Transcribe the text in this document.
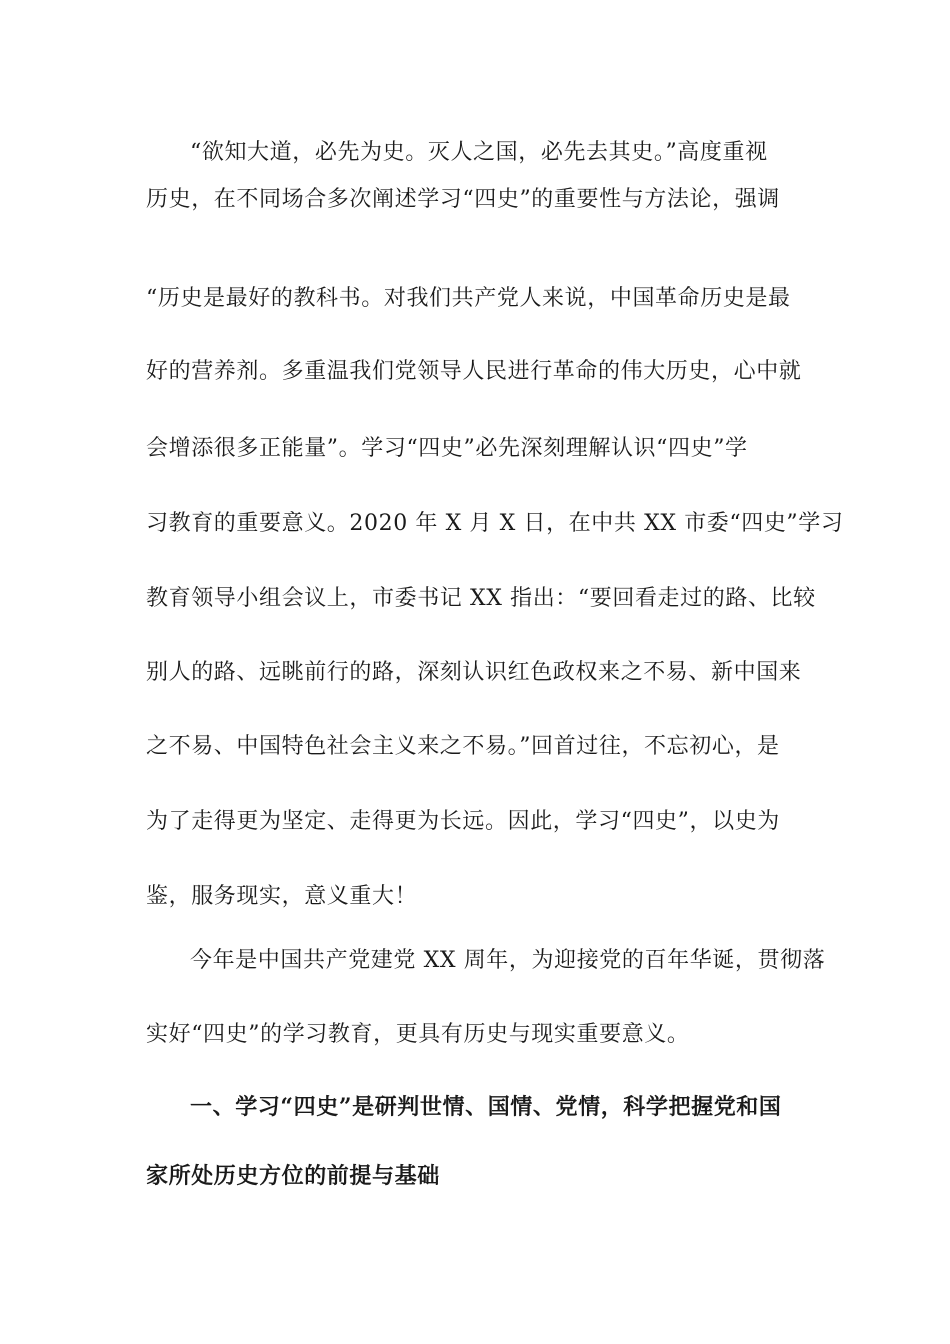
“欲知大道，必先为史。灭人之国，必先去其史。”高度重视
历史，在不同场合多次阐述学习“四史”的重要性与方法论，强调
“历史是最好的教科书。对我们共产党人来说，中国革命历史是最
好的营养剂。多重温我们党领导人民进行革命的伟大历史，心中就
会增添很多正能量”。学习“四史”必先深刻理解认识“四史”学
习教育的重要意义。2020 年 X 月 X 日，在中共 XX 市委“四史”学习
教育领导小组会议上，市委书记 XX 指出：“要回看走过的路、比较
别人的路、远眺前行的路，深刻认识红色政权来之不易、新中国来
之不易、中国特色社会主义来之不易。”回首过往，不忘初心，是
为了走得更为坚定、走得更为长远。因此，学习“四史”，以史为
鉴，服务现实，意义重大！
今年是中国共产党建党 XX 周年，为迎接党的百年华诞，贯彻落
实好“四史”的学习教育，更具有历史与现实重要意义。
一、学习“四史”是研判世情、国情、党情，科学把握党和国
家所处历史方位的前提与基础
